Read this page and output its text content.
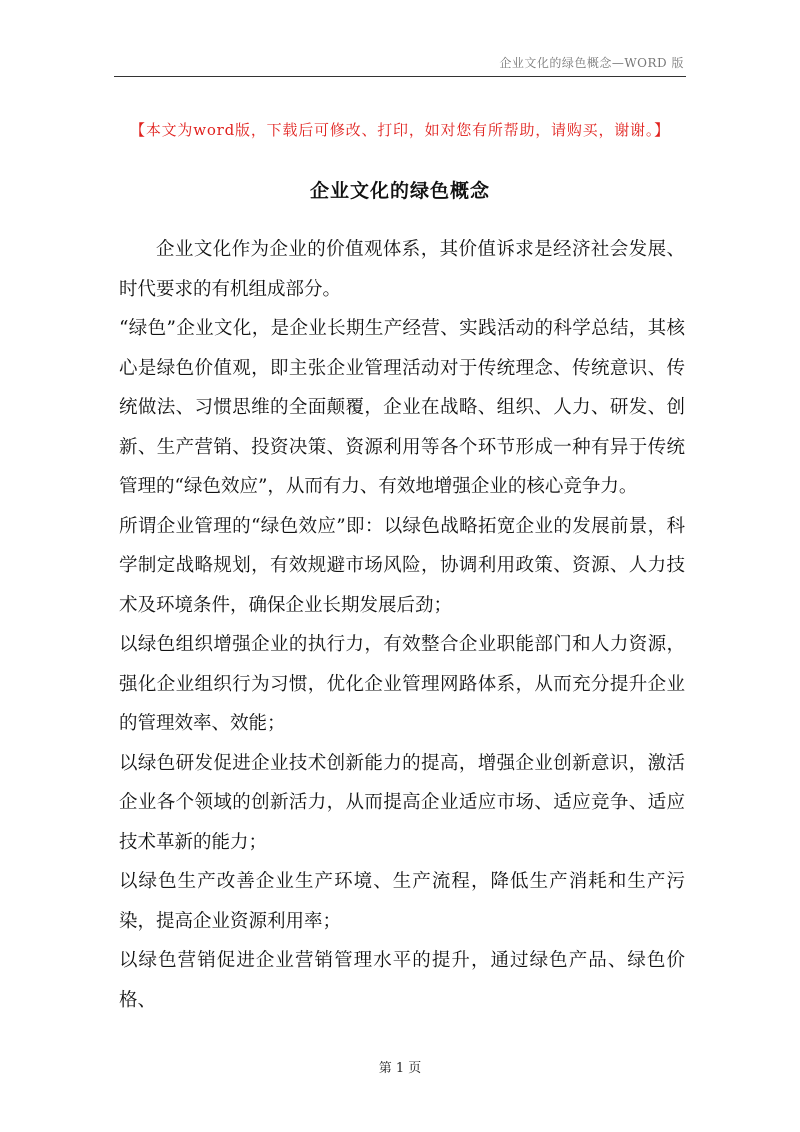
企业文化的绿色概念—WORD 版
【本文为word版，下载后可修改、打印，如对您有所帮助，请购买，谢谢。】
企业文化的绿色概念

企业文化作为企业的价值观体系，其价值诉求是经济社会发展、时代要求的有机组成部分。

“绿色”企业文化，是企业长期生产经营、实践活动的科学总结，其核心是绿色价值观，即主张企业管理活动对于传统理念、传统意识、传统做法、习惯思维的全面颠覆，企业在战略、组织、人力、研发、创新、生产营销、投资决策、资源利用等各个环节形成一种有异于传统管理的“绿色效应”，从而有力、有效地增强企业的核心竞争力。

所谓企业管理的“绿色效应”即：以绿色战略拓宽企业的发展前景，科学制定战略规划，有效规避市场风险，协调利用政策、资源、人力技术及环境条件，确保企业长期发展后劲；

以绿色组织增强企业的执行力，有效整合企业职能部门和人力资源，强化企业组织行为习惯，优化企业管理网路体系，从而充分提升企业的管理效率、效能；

以绿色研发促进企业技术创新能力的提高，增强企业创新意识，激活企业各个领域的创新活力，从而提高企业适应市场、适应竞争、适应技术革新的能力；

以绿色生产改善企业生产环境、生产流程，降低生产消耗和生产污染，提高企业资源利用率；

以绿色营销促进企业营销管理水平的提升，通过绿色产品、绿色价格、

第 1 页
